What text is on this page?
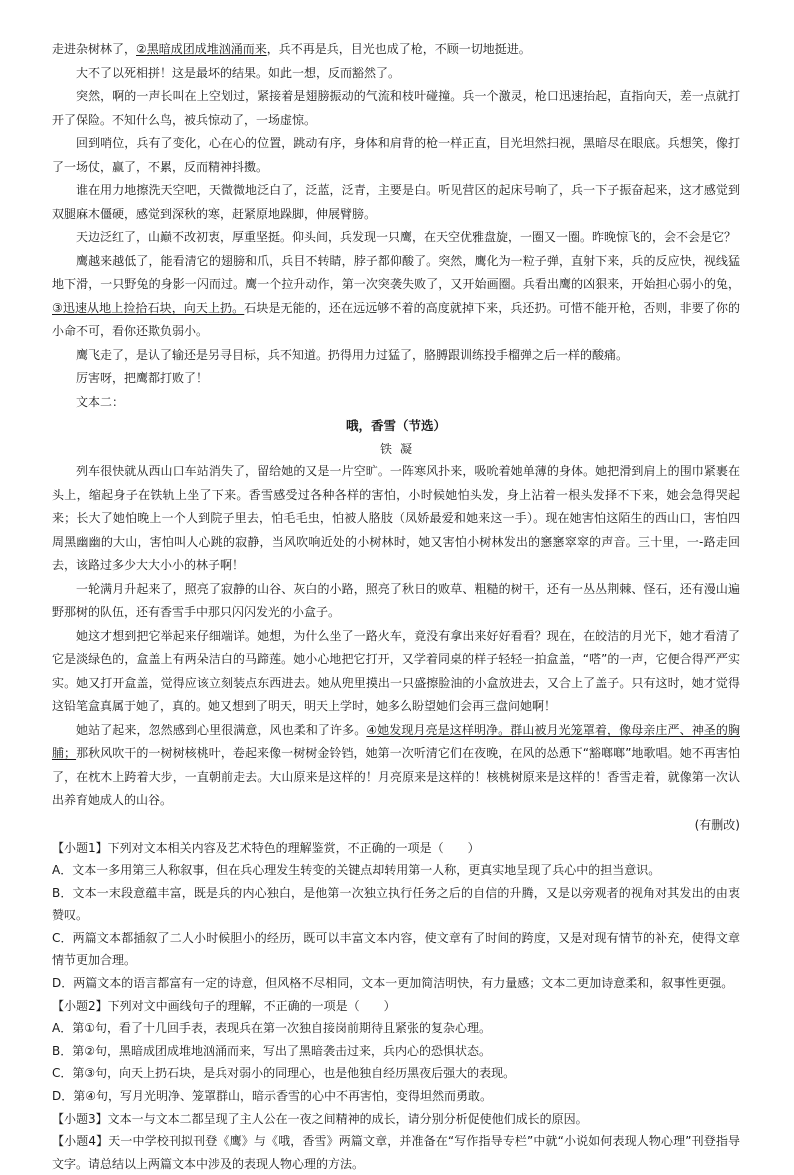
走进杂树林了，②黑暗成团成堆汹涌而来，兵不再是兵，目光也成了枪，不顾一切地挺进。

大不了以死相拼！这是最坏的结果。如此一想，反而豁然了。

突然，啊的一声长叫在上空划过，紧接着是翅膀振动的气流和枝叶碰撞。兵一个激灵，枪口迅速抬起，直指向天，差一点就打开了保险。不知什么鸟，被兵惊动了，一场虚惊。

回到哨位，兵有了变化，心在心的位置，跳动有序，身体和肩背的枪一样正直，目光坦然扫视，黑暗尽在眼底。兵想笑，像打了一场仗，赢了，不累，反而精神抖擞。

谁在用力地擦洗天空吧，天微微地泛白了，泛蓝，泛青，主要是白。听见营区的起床号响了，兵一下子振奋起来，这才感觉到双腿麻木僵硬，感觉到深秋的寒，赶紧原地跺脚，伸展臂膀。

天边泛红了，山巅不改初衷，厚重坚挺。仰头间，兵发现一只鹰，在天空优雅盘旋，一圈又一圈。昨晚惊飞的，会不会是它？

鹰越来越低了，能看清它的翅膀和爪，兵目不转睛，脖子都仰酸了。突然，鹰化为一粒子弹，直射下来，兵的反应快，视线猛地下滑，一只野兔的身影一闪而过。鹰一个拉升动作，第一次突袭失败了，又开始画圈。兵看出鹰的凶狠来，开始担心弱小的兔，③迅速从地上捡拾石块，向天上扔。石块是无能的，还在远远够不着的高度就掉下来，兵还扔。可惜不能开枪，否则，非要了你的小命不可，看你还欺负弱小。

鹰飞走了，是认了输还是另寻目标，兵不知道。扔得用力过猛了，胳膊跟训练投手榴弹之后一样的酸痛。

厉害呀，把鹰都打败了！

文本二：

哦，香雪（节选）

铁凝

列车很快就从西山口车站消失了，留给她的又是一片空旷。一阵寒风扑来，吸吮着她单薄的身体。她把滑到肩上的围巾紧裹在头上，缩起身子在铁轨上坐了下来。香雪感受过各种各样的害怕，小时候她怕头发，身上沾着一根头发择不下来，她会急得哭起来；长大了她怕晚上一个人到院子里去，怕毛毛虫，怕被人胳肢（凤娇最爱和她来这一手）。现在她害怕这陌生的西山口，害怕四周黑幽幽的大山，害怕叫人心跳的寂静，当风吹响近处的小树林时，她又害怕小树林发出的窸窸窣窣的声音。三十里，一-路走回去，该路过多少大大小小的林子啊！

一轮满月升起来了，照亮了寂静的山谷、灰白的小路，照亮了秋日的败草、粗糙的树干，还有一丛丛荆棘、怪石，还有漫山遍野那树的队伍，还有香雪手中那只闪闪发光的小盒子。

她这才想到把它举起来仔细端详。她想，为什么坐了一路火车，竟没有拿出来好好看看？现在，在皎洁的月光下，她才看清了它是淡绿色的，盒盖上有两朵洁白的马蹄莲。她小心地把它打开，又学着同桌的样子轻轻一拍盒盖，“嗒”的一声，它便合得严严实实。她又打开盒盖，觉得应该立刻装点东西进去。她从兜里摸出一只盛擦脸油的小盒放进去，又合上了盖子。只有这时，她才觉得这铅笔盒真属于她了，真的。她又想到了明天，明天上学时，她多么盼望她们会再三盘问她啊！

她站了起来，忽然感到心里很满意，风也柔和了许多。④她发现月亮是这样明净。群山被月光笼罩着，像母亲庄严、神圣的胸脯；那秋风吹干的一树树核桃叶，卷起来像一树树金铃铛，她第一次听清它们在夜晚，在风的怂恿下“豁啷啷”地歌唱。她不再害怕了，在枕木上跨着大步，一直朝前走去。大山原来是这样的！月亮原来是这样的！核桃树原来是这样的！香雪走着，就像第一次认出养育她成人的山谷。

(有删改)

【小题1】下列对文本相关内容及艺术特色的理解鉴赏，不正确的一项是（　　）

A．文本一多用第三人称叙事，但在兵心理发生转变的关键点却转用第一人称，更真实地呈现了兵心中的担当意识。

B．文本一末段意蕴丰富，既是兵的内心独白，是他第一次独立执行任务之后的自信的升腾，又是以旁观者的视角对其发出的由衷赞叹。

C．两篇文本都插叙了二人小时候胆小的经历，既可以丰富文本内容，使文章有了时间的跨度，又是对现有情节的补充，使得文章情节更加合理。

D．两篇文本的语言都富有一定的诗意，但风格不尽相同，文本一更加简洁明快，有力量感；文本二更加诗意柔和，叙事性更强。

【小题2】下列对文中画线句子的理解，不正确的一项是（　　）

A．第①句，看了十几回手表，表现兵在第一次独自接岗前期待且紧张的复杂心理。

B．第②句，黑暗成团成堆地汹涌而来，写出了黑暗袭击过来，兵内心的恐惧状态。

C．第③句，向天上扔石块，是兵对弱小的同理心，也是他独自经历黑夜后强大的表现。

D．第④句，写月光明净、笼罩群山，暗示香雪的心中不再害怕，变得坦然而勇敢。

【小题3】文本一与文本二都呈现了主人公在一夜之间精神的成长，请分别分析促使他们成长的原因。

【小题4】天一中学校刊拟刊登《鹰》与《哦，香雪》两篇文章，并准备在“写作指导专栏”中就“小说如何表现人物心理”刊登指导文字。请总结以上两篇文本中涉及的表现人物心理的方法。
